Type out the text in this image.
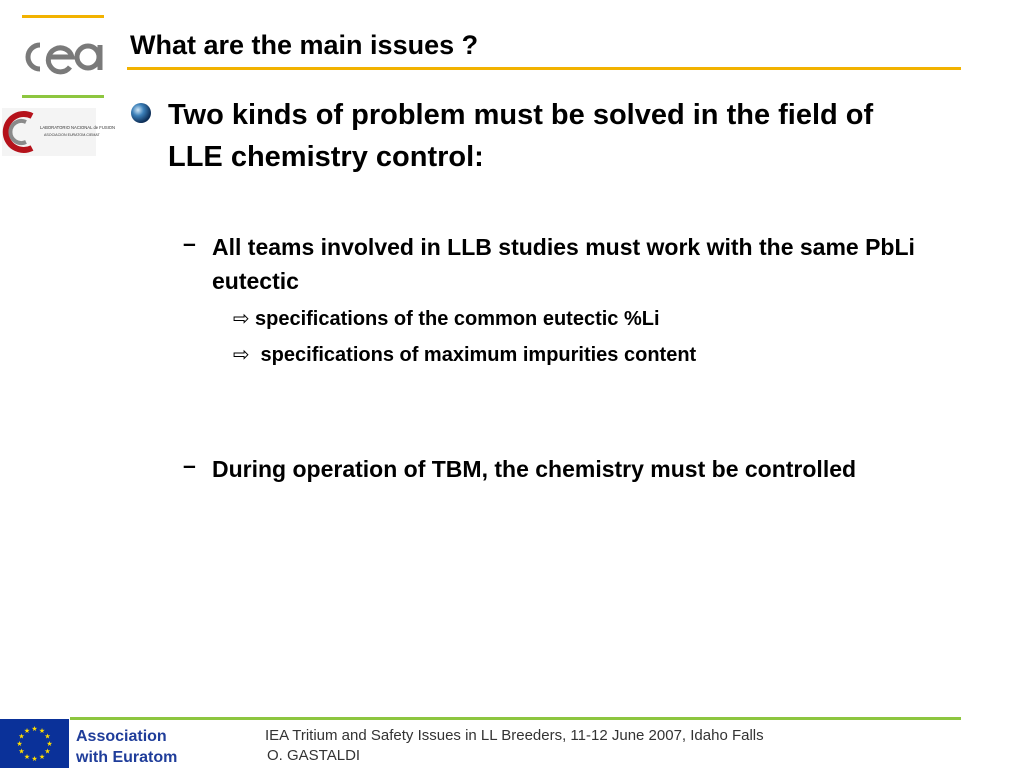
LABORATORIO NACIONAL de FUSION
ASOCIACION EURATOM-CIEMAT
What are the main issues ?
Two kinds of problem must be solved in the field of LLE chemistry control:
– All teams involved in LLB studies must work with the same PbLi eutectic
⇨ specifications of the common eutectic %Li
⇨ specifications of maximum impurities content
– During operation of TBM, the chemistry must be controlled
★ ★
★
★
★
★
★
★
★
★
★
★	Association
with Euratom
IEA Tritium and Safety Issues in LL Breeders, 11-12 June 2007, Idaho Falls
O. GASTALDI
